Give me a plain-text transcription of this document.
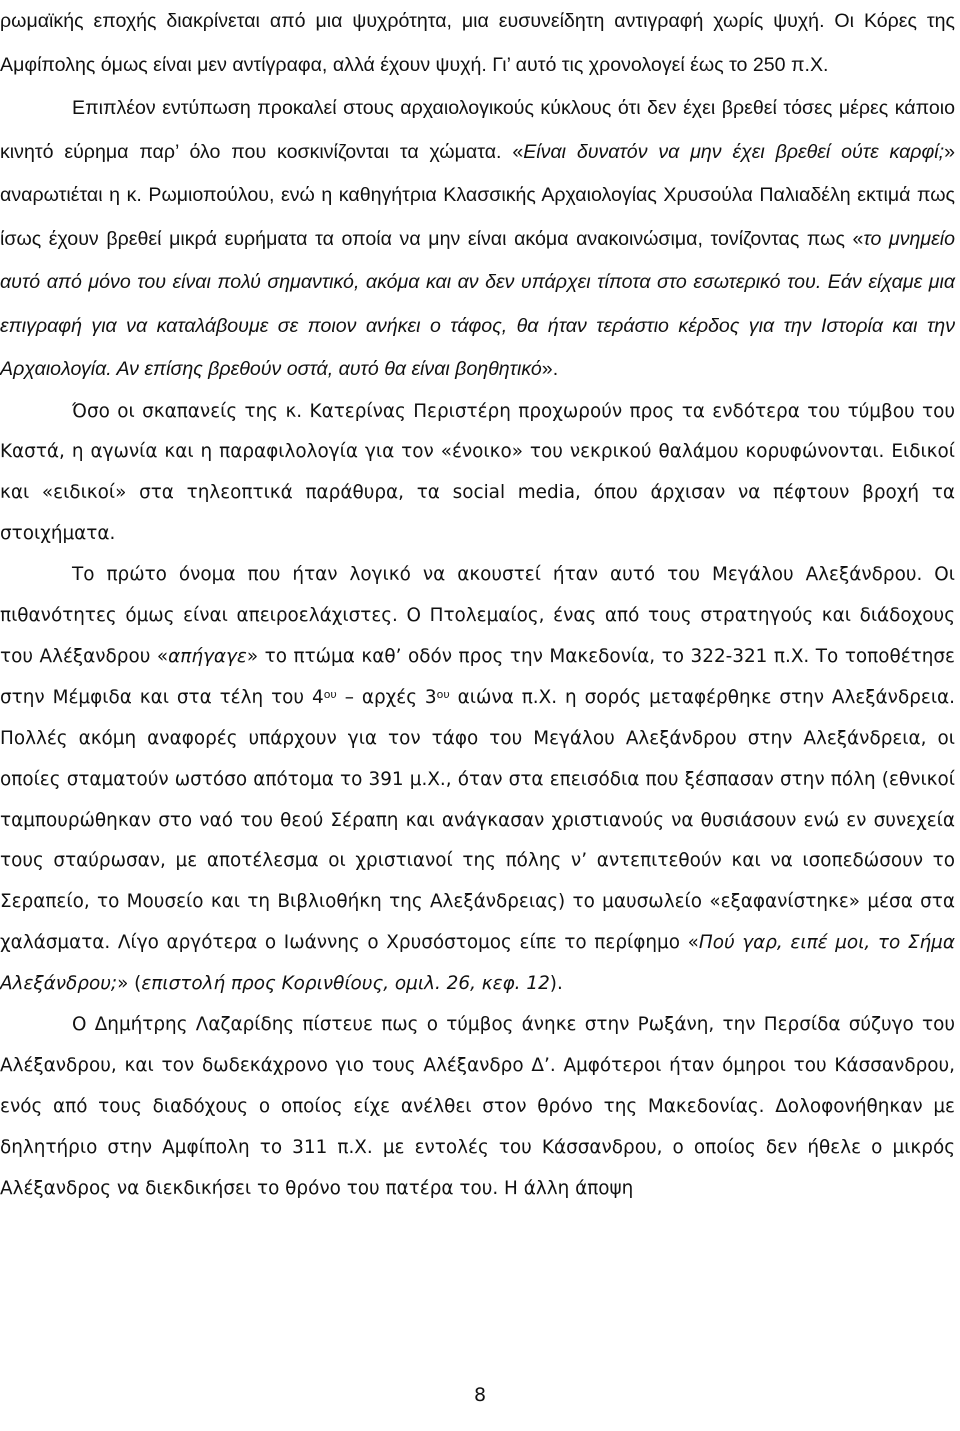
ρωμαϊκής εποχής διακρίνεται από μια ψυχρότητα, μια ευσυνείδητη αντιγραφή χωρίς ψυχή. Οι Κόρες της Αμφίπολης όμως είναι μεν αντίγραφα, αλλά έχουν ψυχή. Γι’ αυτό τις χρονολογεί έως το 250 π.Χ.

Επιπλέον εντύπωση προκαλεί στους αρχαιολογικούς κύκλους ότι δεν έχει βρεθεί τόσες μέρες κάποιο κινητό εύρημα παρ’ όλο που κοσκινίζονται τα χώματα. «Είναι δυνατόν να μην έχει βρεθεί ούτε καρφί;» αναρωτιέται η κ. Ρωμιοπούλου, ενώ η καθηγήτρια Κλασσικής Αρχαιολογίας Χρυσούλα Παλιαδέλη εκτιμά πως ίσως έχουν βρεθεί μικρά ευρήματα τα οποία να μην είναι ακόμα ανακοινώσιμα, τονίζοντας πως «το μνημείο αυτό από μόνο του είναι πολύ σημαντικό, ακόμα και αν δεν υπάρχει τίποτα στο εσωτερικό του. Εάν είχαμε μια επιγραφή για να καταλάβουμε σε ποιον ανήκει ο τάφος, θα ήταν τεράστιο κέρδος για την Ιστορία και την Αρχαιολογία. Αν επίσης βρεθούν οστά, αυτό θα είναι βοηθητικό».

Όσο οι σκαπανείς της κ. Κατερίνας Περιστέρη προχωρούν προς τα ενδότερα του τύμβου του Καστά, η αγωνία και η παραφιλολογία για τον «ένοικο» του νεκρικού θαλάμου κορυφώνονται. Ειδικοί και «ειδικοί» στα τηλεοπτικά παράθυρα, τα social media, όπου άρχισαν να πέφτουν βροχή τα στοιχήματα.

Το πρώτο όνομα που ήταν λογικό να ακουστεί ήταν αυτό του Μεγάλου Αλεξάνδρου. Οι πιθανότητες όμως είναι απειροελάχιστες. Ο Πτολεμαίος, ένας από τους στρατηγούς και διάδοχους του Αλέξανδρου «απήγαγε» το πτώμα καθ’ οδόν προς την Μακεδονία, το 322-321 π.Χ. Το τοποθέτησε στην Μέμφιδα και στα τέλη του $4^{o\upsilon}$ – αρχές $3^{o\upsilon}$ αιώνα π.Χ. η σορός μεταφέρθηκε στην Αλεξάνδρεια. Πολλές ακόμη αναφορές υπάρχουν για τον τάφο του Μεγάλου Αλεξάνδρου στην Αλεξάνδρεια, οι οποίες σταματούν ωστόσο απότομα το 391 μ.Χ., όταν στα επεισόδια που ξέσπασαν στην πόλη (εθνικοί ταμπουρώθηκαν στο ναό του θεού Σέραπη και ανάγκασαν χριστιανούς να θυσιάσουν ενώ εν συνεχεία τους σταύρωσαν, με αποτέλεσμα οι χριστιανοί της πόλης ν’ αντεπιτεθούν και να ισοπεδώσουν το Σεραπείο, το Μουσείο και τη Βιβλιοθήκη της Αλεξάνδρειας) το μαυσωλείο «εξαφανίστηκε» μέσα στα χαλάσματα. Λίγο αργότερα ο Ιωάννης ο Χρυσόστομος είπε το περίφημο «Πού γαρ, ειπέ μοι, το Σήμα Αλεξάνδρου;» (επιστολή προς Κορινθίους, ομιλ. 26, κεφ. 12).

Ο Δημήτρης Λαζαρίδης πίστευε πως ο τύμβος άνηκε στην Ρωξάνη, την Περσίδα σύζυγο του Αλέξανδρου, και τον δωδεκάχρονο γιο τους Αλέξανδρο Δ’. Αμφότεροι ήταν όμηροι του Κάσσανδρου, ενός από τους διαδόχους ο οποίος είχε ανέλθει στον θρόνο της Μακεδονίας. Δολοφονήθηκαν με δηλητήριο στην Αμφίπολη το 311 π.Χ. με εντολές του Κάσσανδρου, ο οποίος δεν ήθελε ο μικρός Αλέξανδρος να διεκδικήσει το θρόνο του πατέρα του. Η άλλη άποψη

8
